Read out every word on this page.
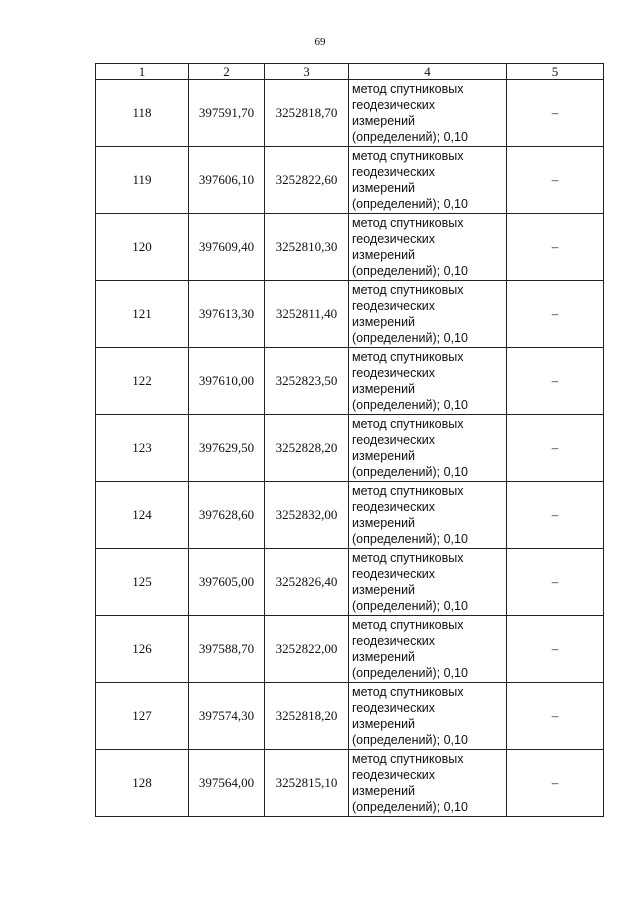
69
1	2	3	4	5
118	397591,70	3252818,70	метод спутниковых
геодезических
измерений
(определений); 0,10	–
119	397606,10	3252822,60	метод спутниковых
геодезических
измерений
(определений); 0,10	–
120	397609,40	3252810,30	метод спутниковых
геодезических
измерений
(определений); 0,10	–
121	397613,30	3252811,40	метод спутниковых
геодезических
измерений
(определений); 0,10	–
122	397610,00	3252823,50	метод спутниковых
геодезических
измерений
(определений); 0,10	–
123	397629,50	3252828,20	метод спутниковых
геодезических
измерений
(определений); 0,10	–
124	397628,60	3252832,00	метод спутниковых
геодезических
измерений
(определений); 0,10	–
125	397605,00	3252826,40	метод спутниковых
геодезических
измерений
(определений); 0,10	–
126	397588,70	3252822,00	метод спутниковых
геодезических
измерений
(определений); 0,10	–
127	397574,30	3252818,20	метод спутниковых
геодезических
измерений
(определений); 0,10	–
128	397564,00	3252815,10	метод спутниковых
геодезических
измерений
(определений); 0,10	–
